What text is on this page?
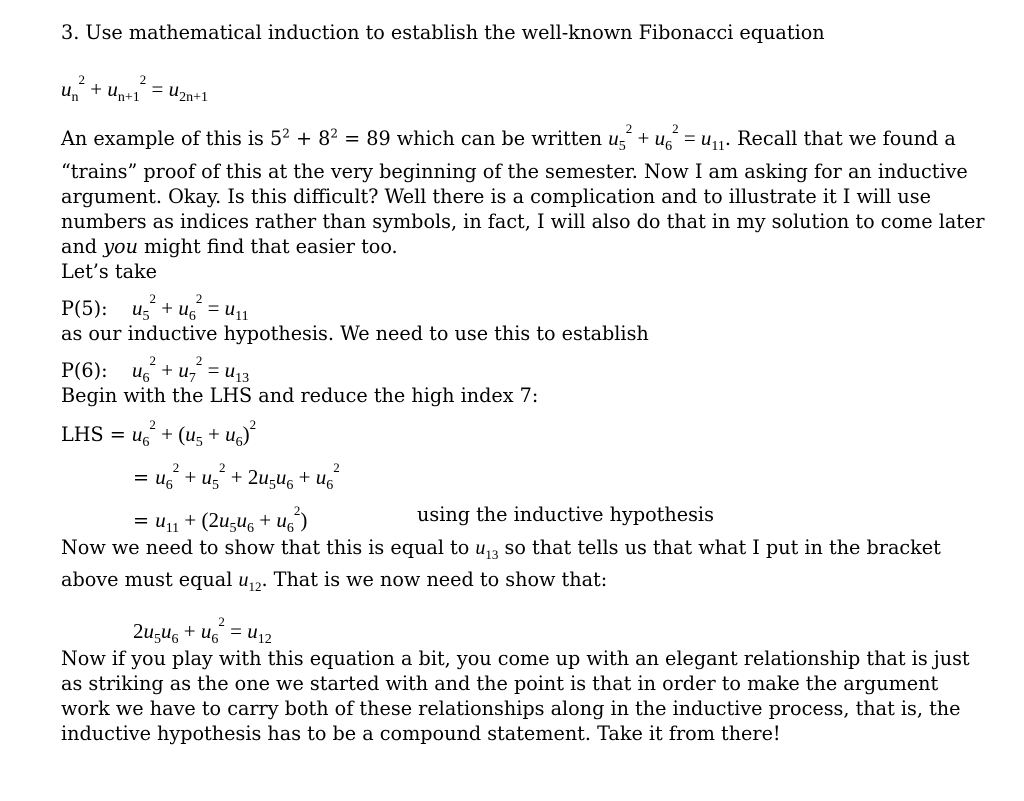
3. Use mathematical induction to establish the well-known Fibonacci equation
$u_n^2 + u_{n+1}^2 = u_{2n+1}$
An example of this is $5^2 + 8^2 = 89$ which can be written $u_5^2 + u_6^2 = u_{11}$. Recall that we found a “trains” proof of this at the very beginning of the semester. Now I am asking for an inductive argument. Okay. Is this difficult? Well there is a complication and to illustrate it I will use numbers as indices rather than symbols, in fact, I will also do that in my solution to come later and you might find that easier too.
Let’s take
P(5): $u_5^2 + u_6^2 = u_{11}$
as our inductive hypothesis. We need to use this to establish
P(6): $u_6^2 + u_7^2 = u_{13}$
Begin with the LHS and reduce the high index 7:
LHS = $u_6^2 + (u_5 + u_6)^2$
= $u_6^2 + u_5^2 + 2u_5u_6 + u_6^2$
= $u_{11} + (2u_5u_6 + u_6^2)$	using the inductive hypothesis
Now we need to show that this is equal to $u_{13}$ so that tells us that what I put in the bracket above must equal $u_{12}$. That is we now need to show that:
$2u_5u_6 + u_6^2 = u_{12}$
Now if you play with this equation a bit, you come up with an elegant relationship that is just as striking as the one we started with and the point is that in order to make the argument work we have to carry both of these relationships along in the inductive process, that is, the inductive hypothesis has to be a compound statement. Take it from there!
